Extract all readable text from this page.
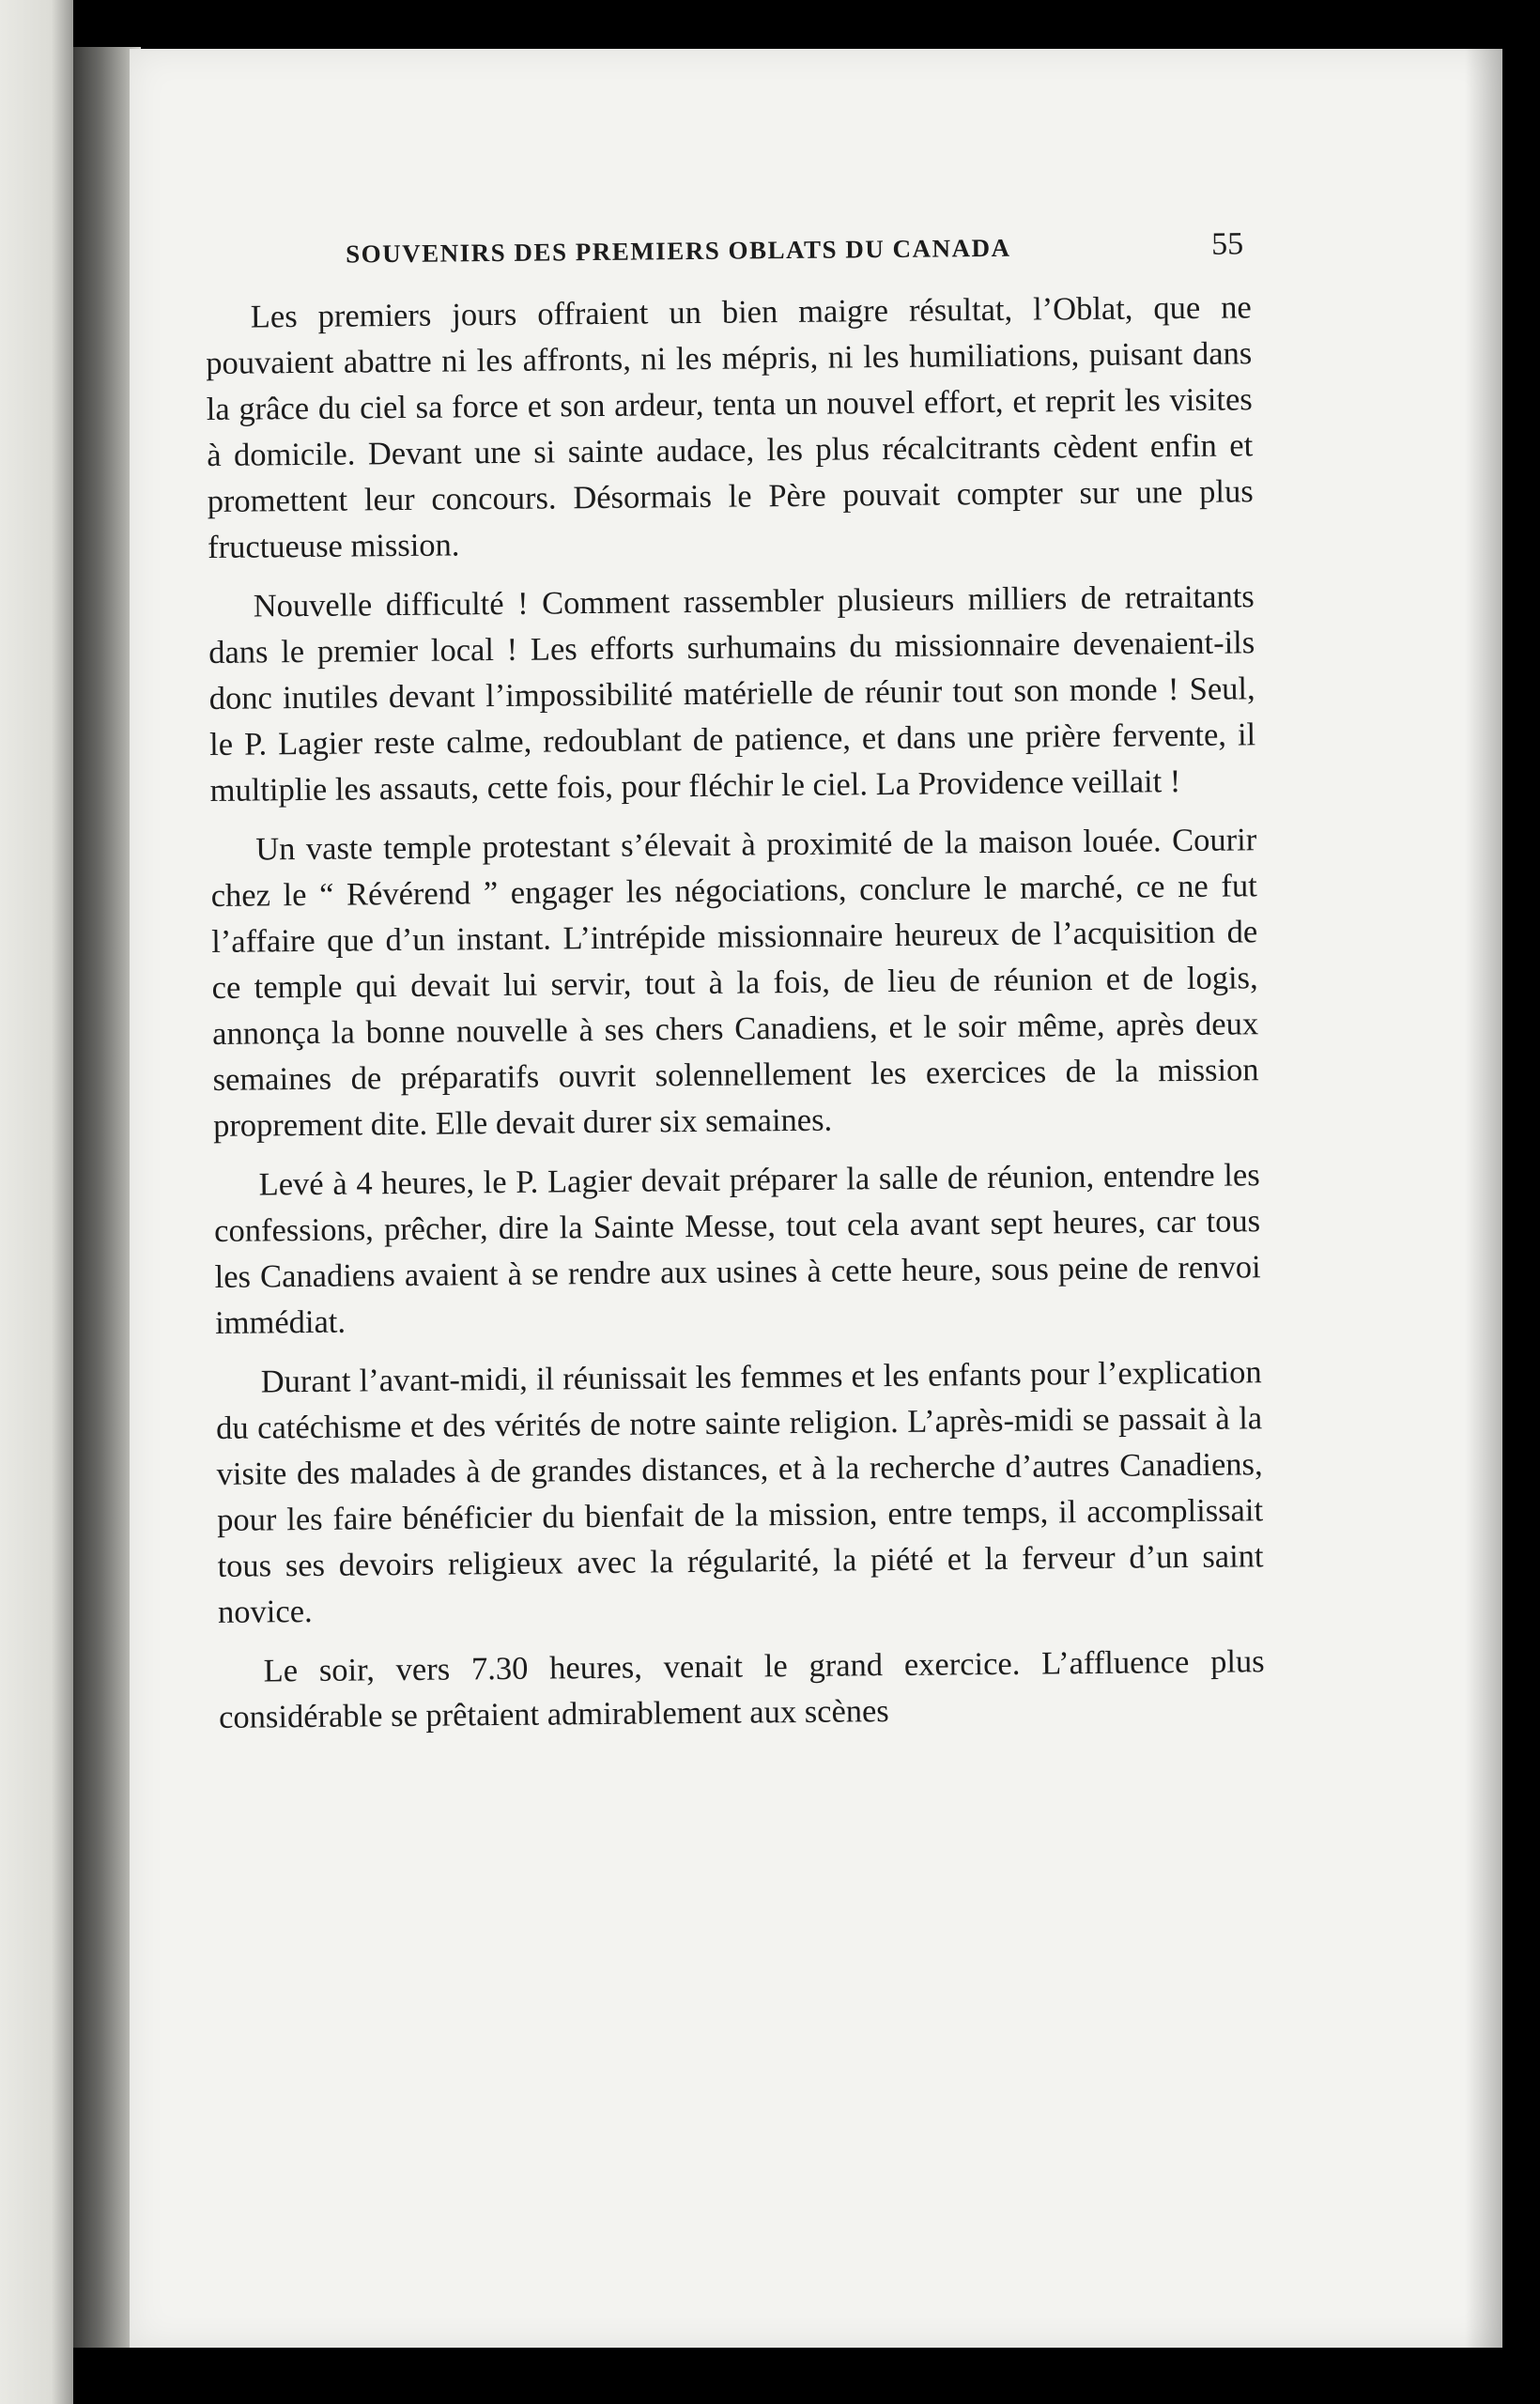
SOUVENIRS DES PREMIERS OBLATS DU CANADA	55

Les premiers jours offraient un bien maigre résultat, l’Oblat, que ne pouvaient abattre ni les affronts, ni les mépris, ni les humiliations, puisant dans la grâce du ciel sa force et son ardeur, tenta un nouvel effort, et reprit les visites à domicile. Devant une si sainte audace, les plus récalcitrants cèdent enfin et promettent leur concours. Désormais le Père pouvait compter sur une plus fructueuse mission.

Nouvelle difficulté ! Comment rassembler plusieurs milliers de retraitants dans le premier local ! Les efforts surhumains du missionnaire devenaient-ils donc inutiles devant l’impossibilité matérielle de réunir tout son monde ! Seul, le P. Lagier reste calme, redoublant de patience, et dans une prière fervente, il multiplie les assauts, cette fois, pour fléchir le ciel. La Providence veillait !

Un vaste temple protestant s’élevait à proximité de la maison louée. Courir chez le “ Révérend ” engager les négociations, conclure le marché, ce ne fut l’affaire que d’un instant. L’intrépide missionnaire heureux de l’acquisition de ce temple qui devait lui servir, tout à la fois, de lieu de réunion et de logis, annonça la bonne nouvelle à ses chers Canadiens, et le soir même, après deux semaines de préparatifs ouvrit solennellement les exercices de la mission proprement dite. Elle devait durer six semaines.

Levé à 4 heures, le P. Lagier devait préparer la salle de réunion, entendre les confessions, prêcher, dire la Sainte Messe, tout cela avant sept heures, car tous les Canadiens avaient à se rendre aux usines à cette heure, sous peine de renvoi immédiat.

Durant l’avant-midi, il réunissait les femmes et les enfants pour l’explication du catéchisme et des vérités de notre sainte religion. L’après-midi se passait à la visite des malades à de grandes distances, et à la recherche d’autres Canadiens, pour les faire bénéficier du bienfait de la mission, entre temps, il accomplissait tous ses devoirs religieux avec la régularité, la piété et la ferveur d’un saint novice.

Le soir, vers 7.30 heures, venait le grand exercice. L’affluence plus considérable se prêtaient admirablement aux scènes
